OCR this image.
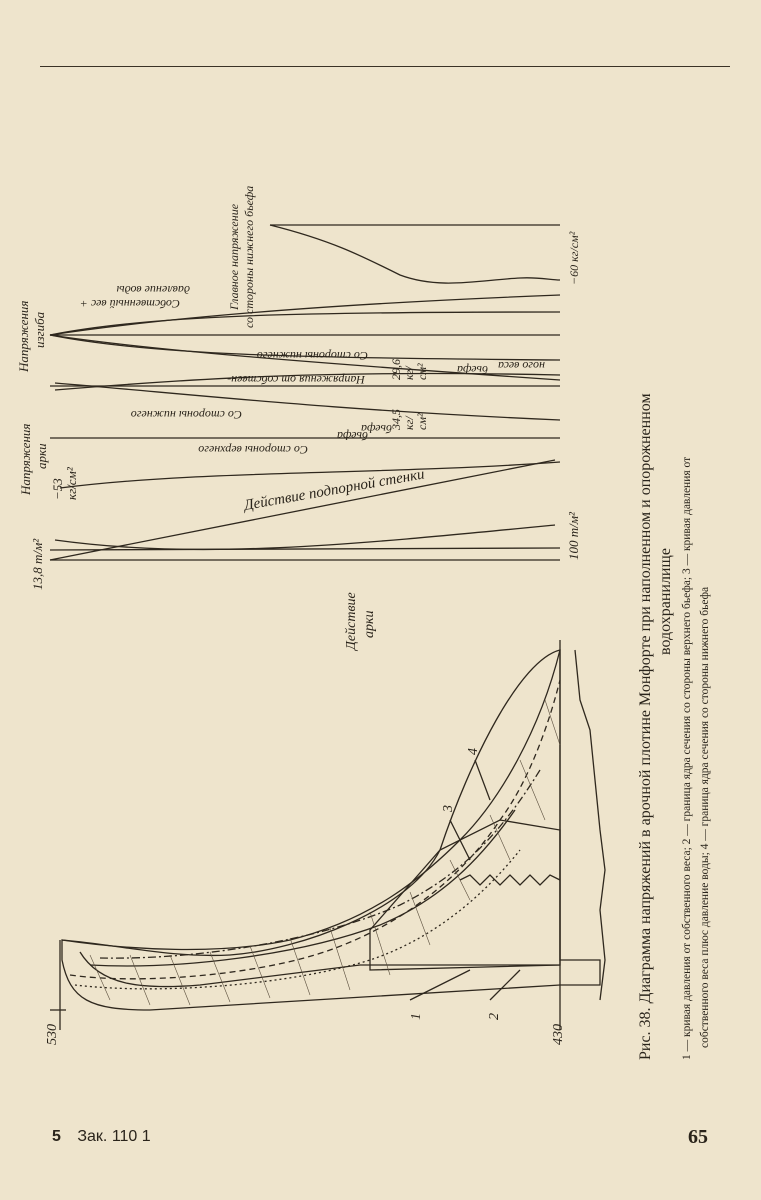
530	430
1	2
3
4
Действие арки
Действие подпорной стенки
13,8 т/м²
100 т/м²
Напряжения арки
−53 кг/см²
Со стороны верхнего бьефа
34,5 кг/ см²
Со стороны нижнего бьефа
Напряжения изгиба
Напряжения от собствен- ного веса
Со стороны нижнего бьефа
29,6 кг/ см²
Собственный вес + давление воды	Главное напряжение со стороны нижнего бьефа	−60 кг/см²
Рис. 38. Диаграмма напряжений в арочной плотине Монфорте при наполненном и опорожненном водохранилище 1 — кривая давления от собственного веса; 2 — граница ядра сечения со стороны верхнего бьефа; 3 — кривая давления от собственного веса плюс давление воды; 4 — граница ядра сечения со стороны нижнего бьефа
5 Зак. 110 1	65
